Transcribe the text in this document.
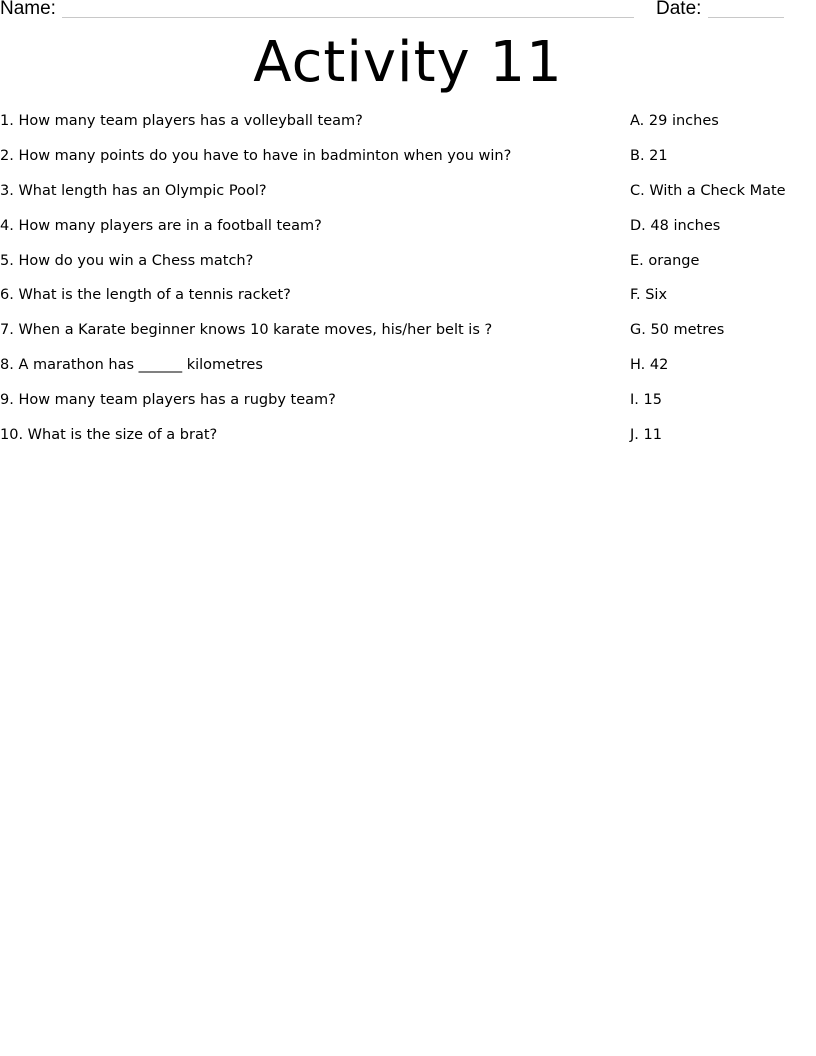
Name:	Date:
Activity 11
1. How many team players has a volleyball team?
2. How many points do you have to have in badminton when you win?
3. What length has an Olympic Pool?
4. How many players are in a football team?
5. How do you win a Chess match?
6. What is the length of a tennis racket?
7. When a Karate beginner knows 10 karate moves, his/her belt is ?
8. A marathon has ______ kilometres
9. How many team players has a rugby team?
10. What is the size of a brat?
A. 29 inches
B. 21
C. With a Check Mate
D. 48 inches
E. orange
F. Six
G. 50 metres
H. 42
I. 15
J. 11
